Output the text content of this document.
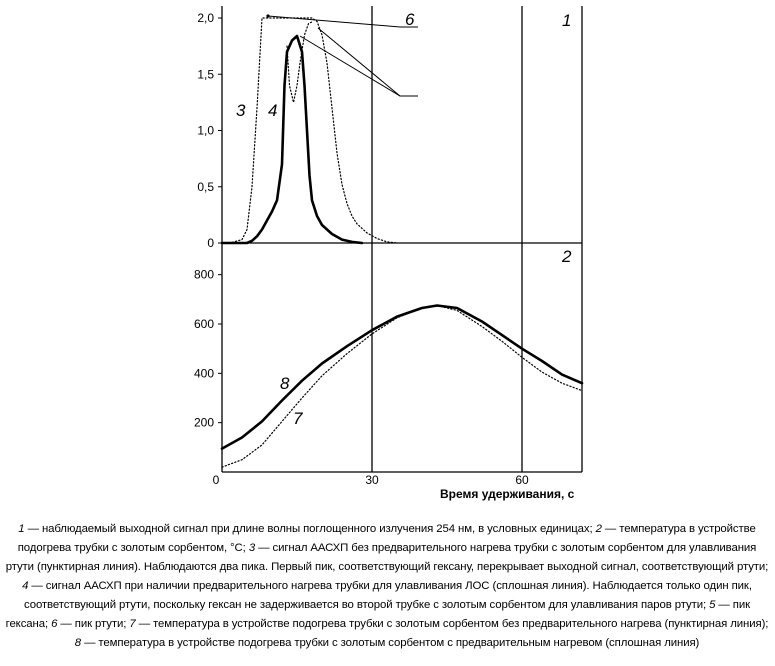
0
0,5
1,0
1,5
2,0
200
400
600
800
0	30	60
1
2
3 4
6
8
7
Время удерживания, с
1 — наблюдаемый выходной сигнал при длине волны поглощенного излучения 254 нм, в условных единицах; 2 — температура в устройстве подогрева трубки с золотым сорбентом, °С; 3 — сигнал ААСХП без предварительного нагрева трубки с золотым сорбентом для улавливания ртути (пунктирная линия). Наблюдаются два пика. Первый пик, соответствующий гексану, перекрывает выходной сигнал, соответствующий ртути; 4 — сигнал ААСХП при наличии предварительного нагрева трубки для улавливания ЛОС (сплошная линия). Наблюдается только один пик, соответствующий ртути, поскольку гексан не задерживается во второй трубке с золотым сорбентом для улавливания паров ртути; 5 — пик гексана; 6 — пик ртути; 7 — температура в устройстве подогрева трубки с золотым сорбентом без предварительного нагрева (пунктирная линия); 8 — температура в устройстве подогрева трубки с золотым сорбентом с предварительным нагревом (сплошная линия)
